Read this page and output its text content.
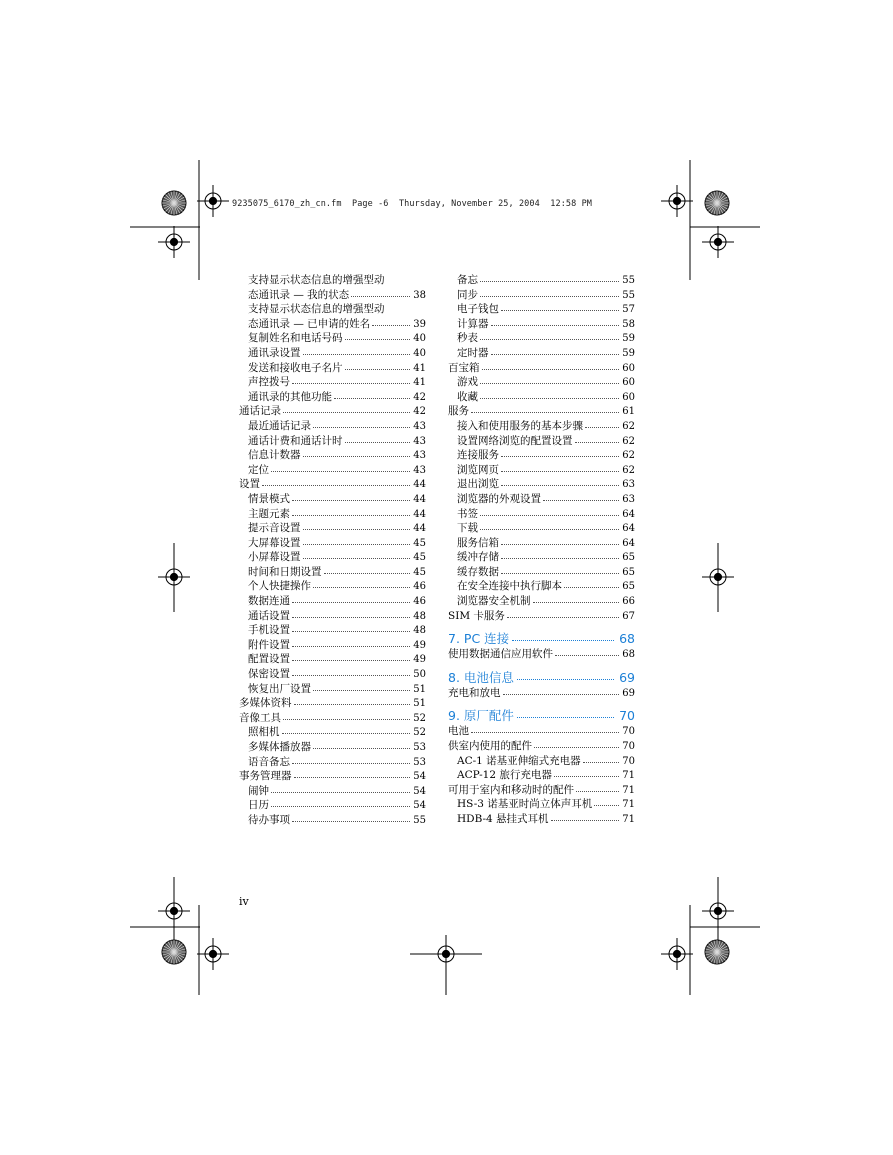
9235075_6170_zh_cn.fm  Page -6  Thursday, November 25, 2004  12:58 PM
支持显示状态信息的增强型动
态通讯录 — 我的状态	38
支持显示状态信息的增强型动
态通讯录 — 已申请的姓名	39
复制姓名和电话号码	40
通讯录设置	40
发送和接收电子名片	41
声控拨号	41
通讯录的其他功能	42
通话记录	42
最近通话记录	43
通话计费和通话计时	43
信息计数器	43
定位	43
设置	44
情景模式	44
主题元素	44
提示音设置	44
大屏幕设置	45
小屏幕设置	45
时间和日期设置	45
个人快捷操作	46
数据连通	46
通话设置	48
手机设置	48
附件设置	49
配置设置	49
保密设置	50
恢复出厂设置	51
多媒体资料	51
音像工具	52
照相机	52
多媒体播放器	53
语音备忘	53
事务管理器	54
闹钟	54
日历	54
待办事项	55
备忘	55
同步	55
电子钱包	57
计算器	58
秒表	59
定时器	59
百宝箱	60
游戏	60
收藏	60
服务	61
接入和使用服务的基本步骤	62
设置网络浏览的配置设置	62
连接服务	62
浏览网页	62
退出浏览	63
浏览器的外观设置	63
书签	64
下载	64
服务信箱	64
缓冲存储	65
缓存数据	65
在安全连接中执行脚本	65
浏览器安全机制	66
SIM 卡服务	67
7. PC 连接	68
使用数据通信应用软件	68
8. 电池信息	69
充电和放电	69
9. 原厂配件	70
电池	70
供室内使用的配件	70
AC-1 诺基亚伸缩式充电器	70
ACP-12 旅行充电器	71
可用于室内和移动时的配件	71
HS-3 诺基亚时尚立体声耳机	71
HDB-4 悬挂式耳机	71
iv
